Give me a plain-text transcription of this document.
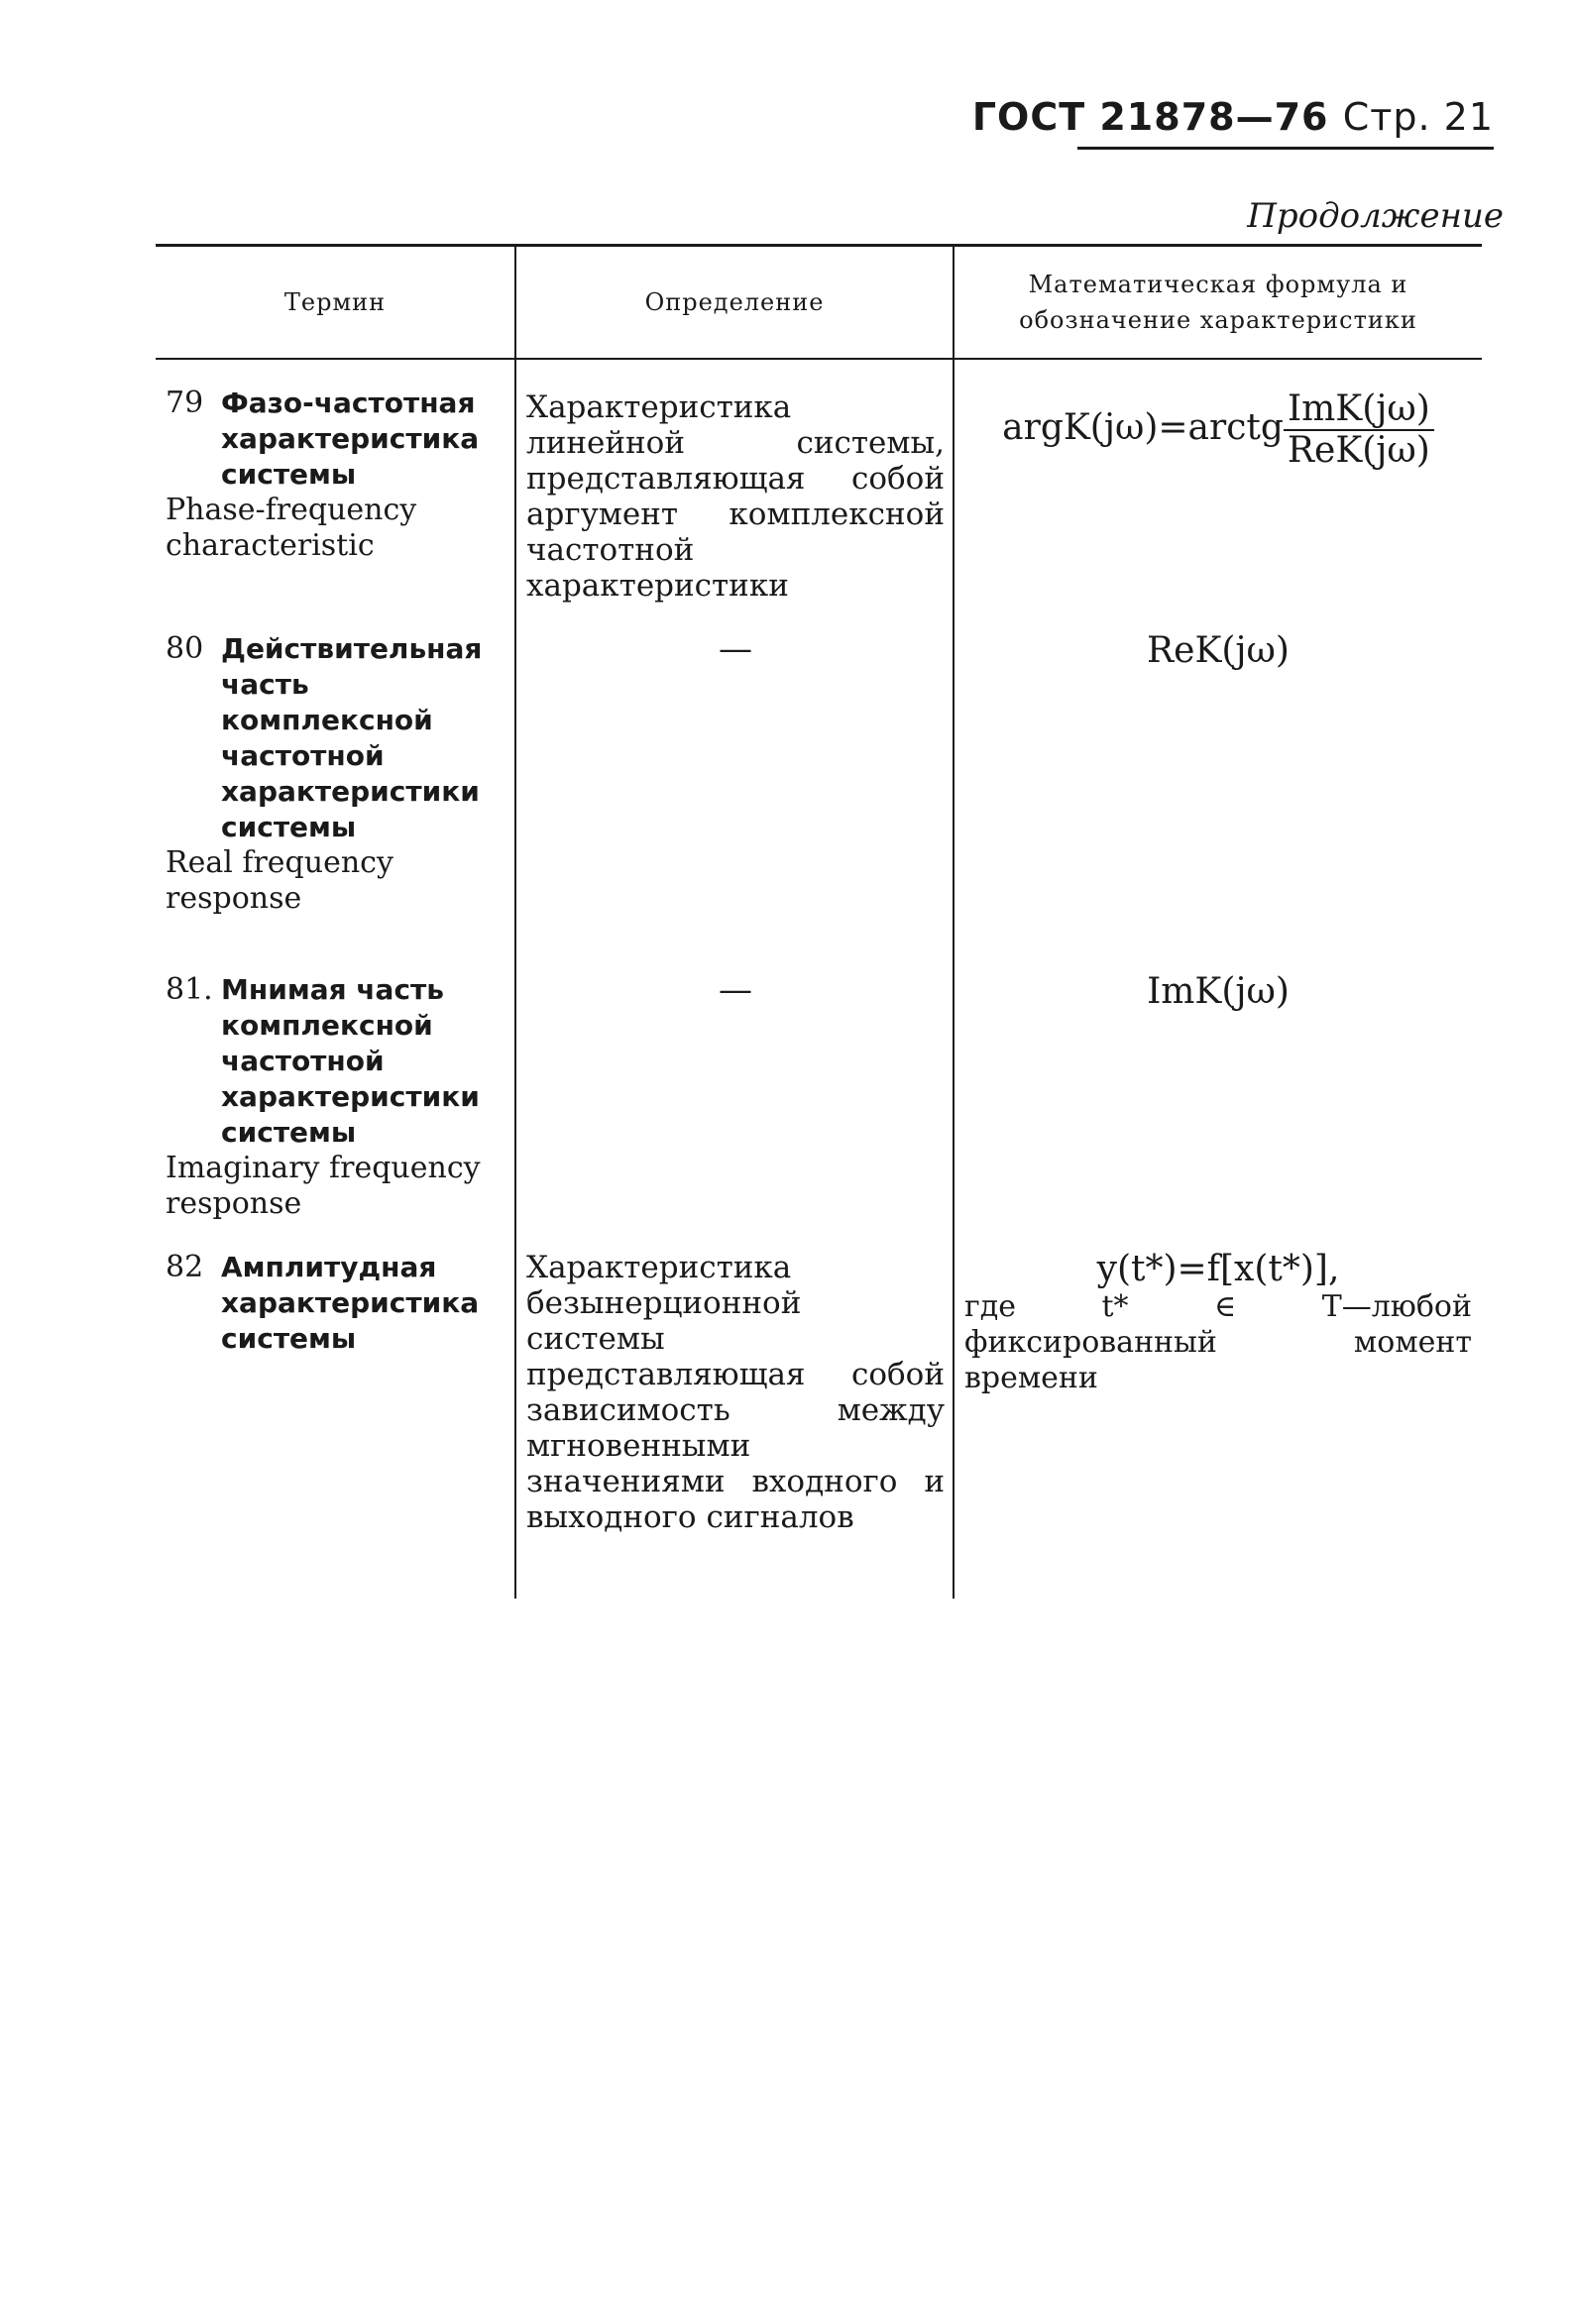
ГОСТ 21878—76 Стр. 21
Продолжение
Термин	Определение
Математическая формула и обозначение характеристики
79 Фазо-частотная характеристика системы
Phase-frequency characteristic
80 Действительная часть комплексной частотной характеристики системы
Real frequency response
81. Мнимая часть комплексной частотной характеристики системы
Imaginary frequency response
82 Амплитудная характеристика системы
Характеристика линейной системы, представляющая собой аргумент комплексной частотной характеристики
—
—
Характеристика безынерционной системы представляющая собой зависимость между мгновенными значениями входного и выходного сигналов
argK(jω)=arctg $\frac{\text{ImK(jω)}}{\text{ReK(jω)}}$
ReK(jω)
ImK(jω)
y(t*)=f[x(t*)],
где t* ∈ T—любой фиксированный момент времени
